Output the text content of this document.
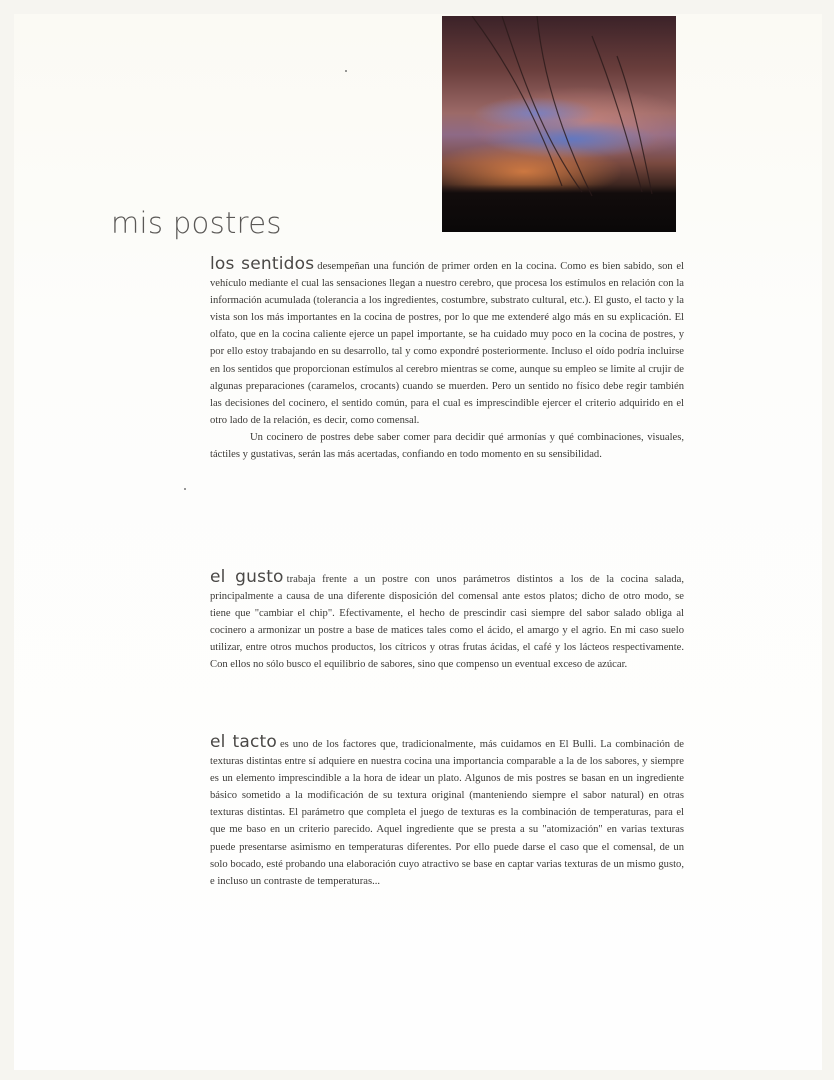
mis postres

los sentidos desempeñan una función de primer orden en la cocina. Como es bien sabido, son el vehículo mediante el cual las sensaciones llegan a nuestro cerebro, que procesa los estímulos en relación con la información acumulada (tolerancia a los ingredientes, costumbre, substrato cultural, etc.). El gusto, el tacto y la vista son los más importantes en la cocina de postres, por lo que me extenderé algo más en su explicación. El olfato, que en la cocina caliente ejerce un papel importante, se ha cuidado muy poco en la cocina de postres, y por ello estoy trabajando en su desarrollo, tal y como expondré posteriormente. Incluso el oído podría incluirse en los sentidos que proporcionan estímulos al cerebro mientras se come, aunque su empleo se limite al crujir de algunas preparaciones (caramelos, crocants) cuando se muerden. Pero un sentido no físico debe regir también las decisiones del cocinero, el sentido común, para el cual es imprescindible ejercer el criterio adquirido en el otro lado de la relación, es decir, como comensal.

Un cocinero de postres debe saber comer para decidir qué armonías y qué combinaciones, visuales, táctiles y gustativas, serán las más acertadas, confiando en todo momento en su sensibilidad.

el gusto trabaja frente a un postre con unos parámetros distintos a los de la cocina salada, principalmente a causa de una diferente disposición del comensal ante estos platos; dicho de otro modo, se tiene que "cambiar el chip". Efectivamente, el hecho de prescindir casi siempre del sabor salado obliga al cocinero a armonizar un postre a base de matices tales como el ácido, el amargo y el agrio. En mi caso suelo utilizar, entre otros muchos productos, los cítricos y otras frutas ácidas, el café y los lácteos respectivamente. Con ellos no sólo busco el equilibrio de sabores, sino que compenso un eventual exceso de azúcar.

el tacto es uno de los factores que, tradicionalmente, más cuidamos en El Bulli. La combinación de texturas distintas entre sí adquiere en nuestra cocina una importancia comparable a la de los sabores, y siempre es un elemento imprescindible a la hora de idear un plato. Algunos de mis postres se basan en un ingrediente básico sometido a la modificación de su textura original (manteniendo siempre el sabor natural) en otras texturas distintas. El parámetro que completa el juego de texturas es la combinación de temperaturas, para el que me baso en un criterio parecido. Aquel ingrediente que se presta a su "atomización" en varias texturas puede presentarse asimismo en temperaturas diferentes. Por ello puede darse el caso que el comensal, de un solo bocado, esté probando una elaboración cuyo atractivo se base en captar varias texturas de un mismo gusto, e incluso un contraste de temperaturas...
